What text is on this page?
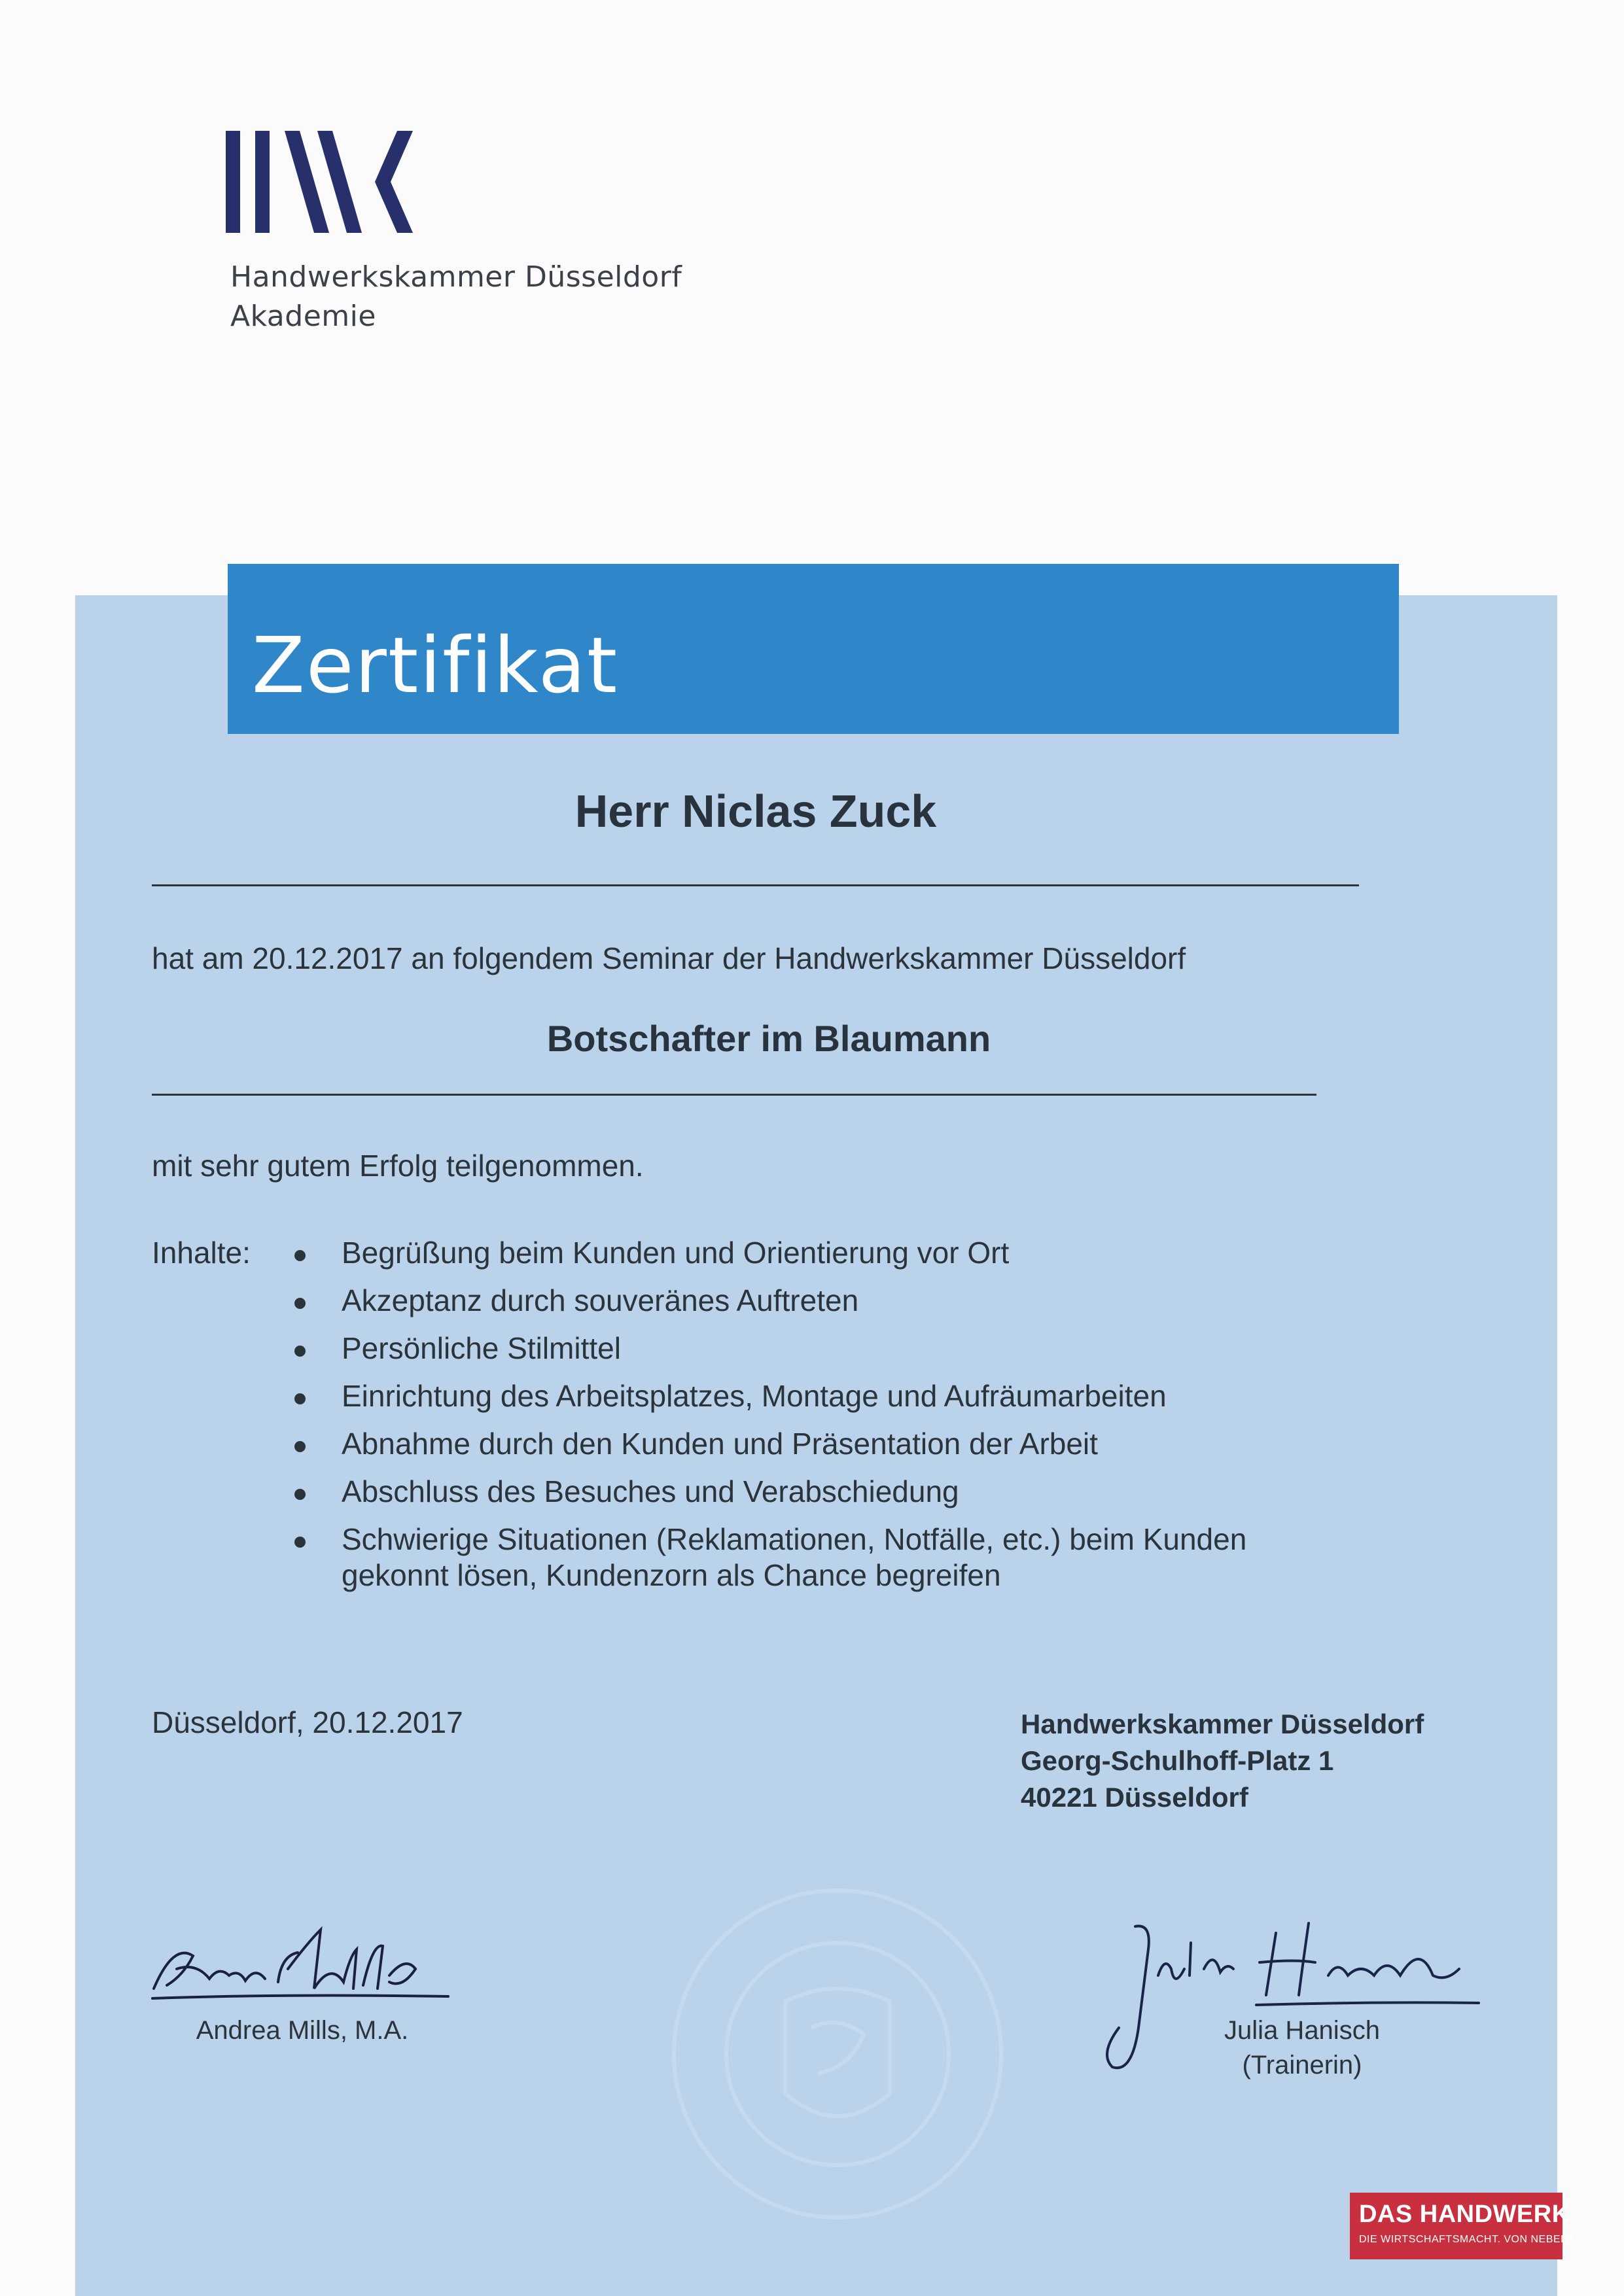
Handwerkskammer Düsseldorf
Akademie
Zertifikat
Herr Niclas Zuck
hat am 20.12.2017 an folgendem Seminar der Handwerkskammer Düsseldorf
Botschafter im Blaumann
mit sehr gutem Erfolg teilgenommen.
Inhalte:	Begrüßung beim Kunden und Orientierung vor Ort
Akzeptanz durch souveränes Auftreten
Persönliche Stilmittel
Einrichtung des Arbeitsplatzes, Montage und Aufräumarbeiten
Abnahme durch den Kunden und Präsentation der Arbeit
Abschluss des Besuches und Verabschiedung
Schwierige Situationen (Reklamationen, Notfälle, etc.) beim Kunden
gekonnt lösen, Kundenzorn als Chance begreifen
Düsseldorf, 20.12.2017	Handwerkskammer Düsseldorf
Georg-Schulhoff-Platz 1
40221 Düsseldorf
Andrea Mills, M.A.	Julia Hanisch
(Trainerin)
DAS HANDWERK
DIE WIRTSCHAFTSMACHT. VON NEBENAN.
